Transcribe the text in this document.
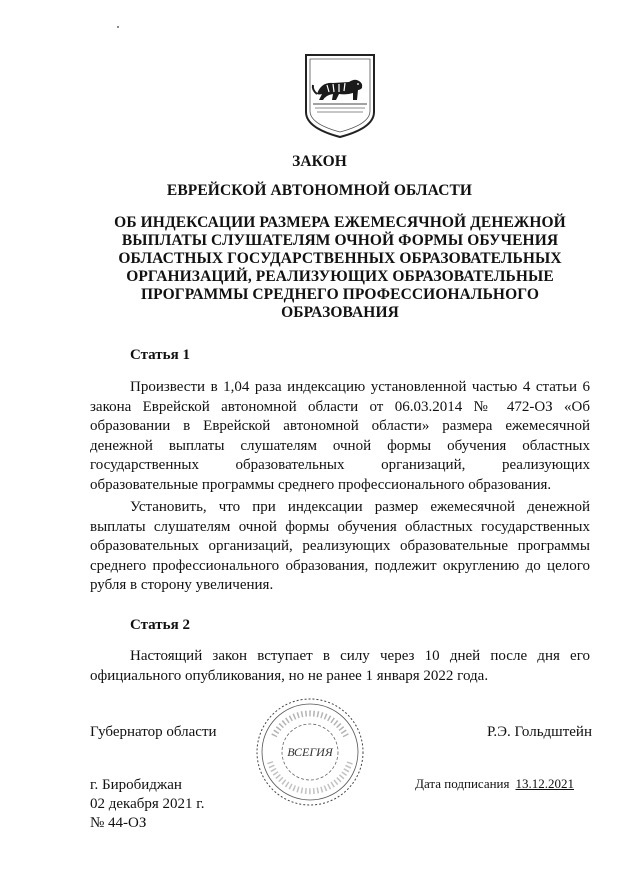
ЗАКОН
ЕВРЕЙСКОЙ АВТОНОМНОЙ ОБЛАСТИ
ОБ ИНДЕКСАЦИИ РАЗМЕРА ЕЖЕМЕСЯЧНОЙ ДЕНЕЖНОЙ
ВЫПЛАТЫ СЛУШАТЕЛЯМ ОЧНОЙ ФОРМЫ ОБУЧЕНИЯ
ОБЛАСТНЫХ ГОСУДАРСТВЕННЫХ ОБРАЗОВАТЕЛЬНЫХ
ОРГАНИЗАЦИЙ, РЕАЛИЗУЮЩИХ ОБРАЗОВАТЕЛЬНЫЕ
ПРОГРАММЫ СРЕДНЕГО ПРОФЕССИОНАЛЬНОГО
ОБРАЗОВАНИЯ
Статья 1

Произвести в 1,04 раза индексацию установленной частью 4 статьи 6 закона Еврейской автономной области от 06.03.2014 № 472-ОЗ «Об образовании в Еврейской автономной области» размера ежемесячной денежной выплаты слушателям очной формы обучения областных государственных образовательных организаций, реализующих образовательные программы среднего профессионального образования.

Установить, что при индексации размер ежемесячной денежной выплаты слушателям очной формы обучения областных государственных образовательных организаций, реализующих образовательные программы среднего профессионального образования, подлежит округлению до целого рубля в сторону увеличения.

Статья 2

Настоящий закон вступает в силу через 10 дней после дня его официального опубликования, но не ранее 1 января 2022 года.

Губернатор области	Р.Э. Гольдштейн
ВСЕГИЯ
г. Биробиджан
02 декабря 2021 г.
№ 44-ОЗ
Дата подписания 13.12.2021
